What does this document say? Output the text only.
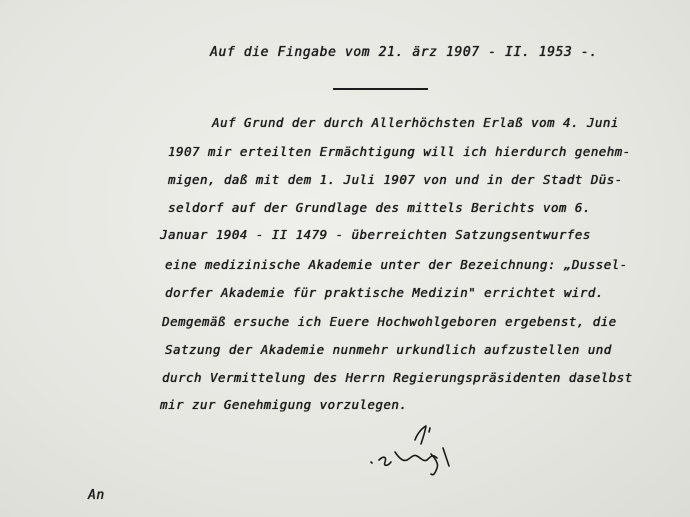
Auf die Fingabe vom 21. ärz 1907 - II. 1953 -.
Auf Grund der durch Allerhöchsten Erlaß vom 4. Juni
1907 mir erteilten Ermächtigung will ich hierdurch genehm-
migen, daß mit dem 1. Juli 1907 von und in der Stadt Düs-
seldorf auf der Grundlage des mittels Berichts vom 6.
Januar 1904 - II 1479 - überreichten Satzungsentwurfes
eine medizinische Akademie unter der Bezeichnung: „Dussel-
dorfer Akademie für praktische Medizin" errichtet wird.
Demgemäß ersuche ich Euere Hochwohlgeboren ergebenst, die
Satzung der Akademie nunmehr urkundlich aufzustellen und
durch Vermittelung des Herrn Regierungspräsidenten daselbst
mir zur Genehmigung vorzulegen.
An
